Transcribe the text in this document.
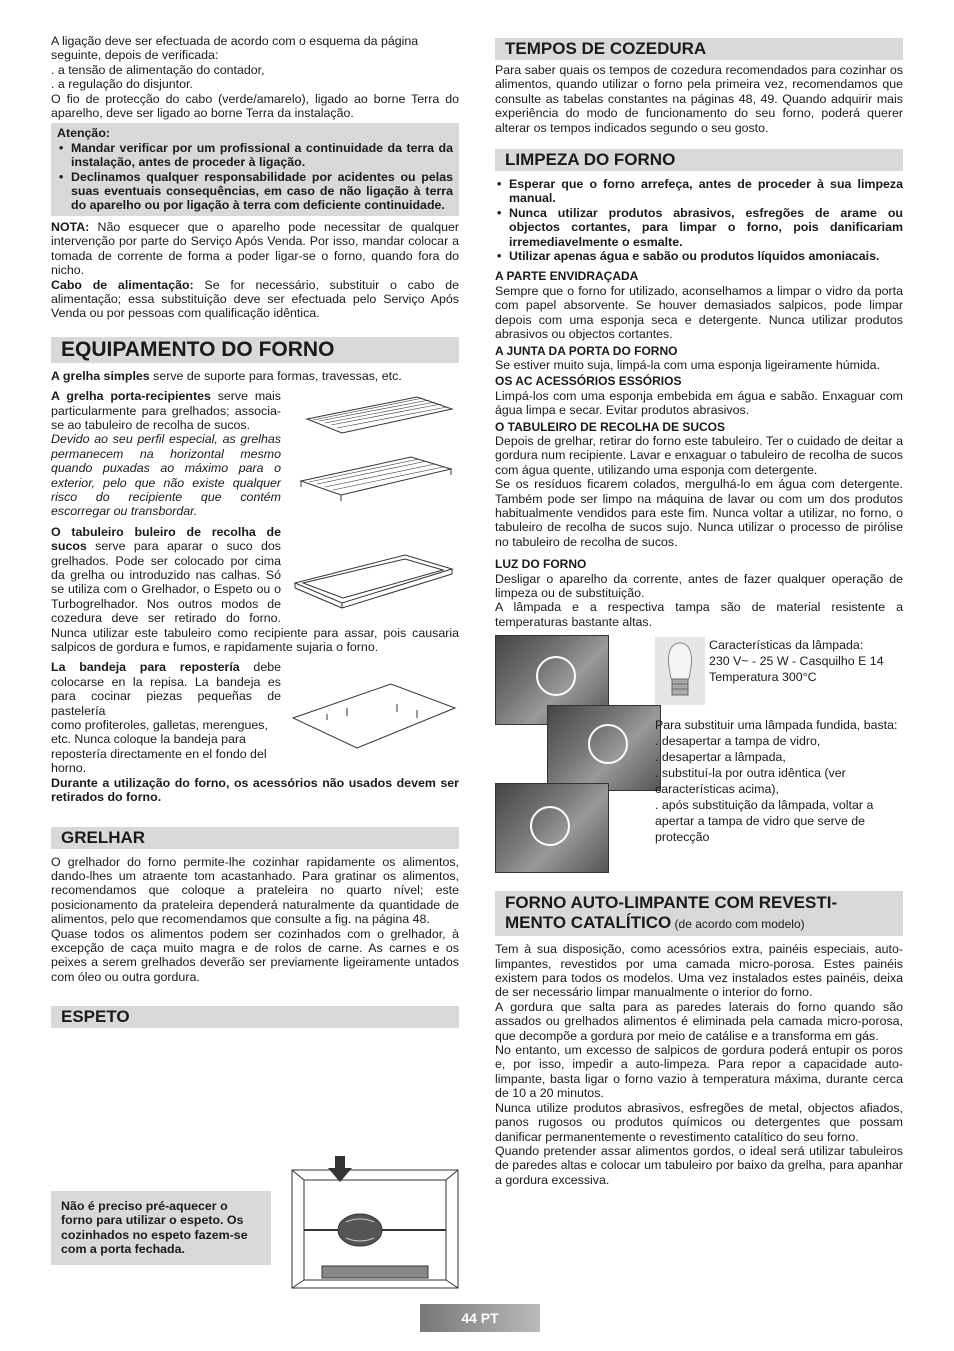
A ligação deve ser efectuada de acordo com o esquema da página seguinte, depois de verificada:

. a tensão de alimentação do contador,

. a regulação do disjuntor.

O fio de protecção do cabo (verde/amarelo), ligado ao borne Terra do aparelho, deve ser ligado ao borne Terra da instalação.

Atenção:
• Mandar verificar por um profissional a continuidade da terra da instalação, antes de proceder à ligação.
• Declinamos qualquer responsabilidade por acidentes ou pelas suas eventuais consequências, em caso de não ligação à terra do aparelho ou por ligação à terra com deficiente continuidade.

NOTA: Não esquecer que o aparelho pode necessitar de qualquer intervenção por parte do Serviço Após Venda. Por isso, mandar colocar a tomada de corrente de forma a poder ligar-se o forno, quando fora do nicho.

Cabo de alimentação: Se for necessário, substituir o cabo de alimentação; essa substituição deve ser efectuada pelo Serviço Após Venda ou por pessoas com qualificação idêntica.

EQUIPAMENTO DO FORNO

A grelha simples serve de suporte para formas, travessas, etc.

A grelha porta-recipientes serve mais particularmente para grelhados; associa-se ao tabuleiro de recolha de sucos.

Devido ao seu perfil especial, as grelhas permanecem na horizontal mesmo quando puxadas ao máximo para o exterior, pelo que não existe qualquer risco do recipiente que contém escorregar ou transbordar.

O tabuleiro buleiro de recolha de sucos serve para aparar o suco dos grelhados. Pode ser colocado por cima da grelha ou introduzido nas calhas. Só se utiliza com o Grelhador, o Espeto ou o Turbogrelhador. Nos outros modos de cozedura deve ser retirado do forno. Nunca utilizar este tabuleiro como recipiente para assar, pois causaria salpicos de gordura e fumos, e rapidamente sujaria o forno.

La bandeja para repostería debe colocarse en la repisa. La bandeja es para cocinar piezas pequeñas de pastelería

como profiteroles, galletas, merengues, etc. Nunca coloque la bandeja para repostería directamente en el fondo del horno.

Durante a utilização do forno, os acessórios não usados devem ser retirados do forno.

GRELHAR

O grelhador do forno permite-lhe cozinhar rapidamente os alimentos, dando-lhes um atraente tom acastanhado. Para gratinar os alimentos, recomendamos que coloque a prateleira no quarto nível; este posicionamento da prateleira dependerá naturalmente da quantidade de alimentos, pelo que recomendamos que consulte a fig. na página 48.

Quase todos os alimentos podem ser cozinhados com o grelhador, à excepção de caça muito magra e de rolos de carne. As carnes e os peixes a serem grelhados deverão ser previamente ligeiramente untados com óleo ou outra gordura.

ESPETO
Não é preciso pré-aquecer o forno para utilizar o espeto. Os cozinhados no espeto fazem-se com a porta fechada.
TEMPOS DE COZEDURA

Para saber quais os tempos de cozedura recomendados para cozinhar os alimentos, quando utilizar o forno pela primeira vez, recomendamos que consulte as tabelas constantes na páginas 48, 49. Quando adquirir mais experiência do modo de funcionamento do seu forno, poderá querer alterar os tempos indicados segundo o seu gosto.

LIMPEZA DO FORNO
• Esperar que o forno arrefeça, antes de proceder à sua limpeza manual.
• Nunca utilizar produtos abrasivos, esfregões de arame ou objectos cortantes, para limpar o forno, pois danificariam irremediavelmente o esmalte.
• Utilizar apenas água e sabão ou produtos líquidos amoniacais.
A PARTE ENVIDRAÇADA

Sempre que o forno for utilizado, aconselhamos a limpar o vidro da porta com papel absorvente. Se houver demasiados salpicos, pode limpar depois com uma esponja seca e detergente. Nunca utilizar produtos abrasivos ou objectos cortantes.

A JUNTA DA PORTA DO FORNO

Se estiver muito suja, limpá-la com uma esponja ligeiramente húmida.

OS AC ACESSÓRIOS ESSÓRIOS

Limpá-los com uma esponja embebida em água e sabão. Enxaguar com água limpa e secar. Evitar produtos abrasivos.

O TABULEIRO DE RECOLHA DE SUCOS

Depois de grelhar, retirar do forno este tabuleiro. Ter o cuidado de deitar a gordura num recipiente. Lavar e enxaguar o tabuleiro de recolha de sucos com água quente, utilizando uma esponja com detergente.

Se os resíduos ficarem colados, mergulhá-lo em água com detergente. Também pode ser limpo na máquina de lavar ou com um dos produtos habitualmente vendidos para este fim. Nunca voltar a utilizar, no forno, o tabuleiro de recolha de sucos sujo. Nunca utilizar o processo de pirólise no tabuleiro de recolha de sucos.

LUZ DO FORNO

Desligar o aparelho da corrente, antes de fazer qualquer operação de limpeza ou de substituição.

A lâmpada e a respectiva tampa são de material resistente a temperaturas bastante altas.

Características da lâmpada:
230 V~ - 25 W - Casquilho E 14
Temperatura 300°C
Para substituir uma lâmpada fundida, basta:
. desapertar a tampa de vidro,
. desapertar a lâmpada,
. substituí-la por outra idêntica (ver características acima),
. após substituição da lâmpada, voltar a apertar a tampa de vidro que serve de protecção
FORNO AUTO-LIMPANTE COM REVESTI-MENTO CATALÍTICO (de acordo com modelo)

Tem à sua disposição, como acessórios extra, painéis especiais, auto-limpantes, revestidos por uma camada micro-porosa. Estes painéis existem para todos os modelos. Uma vez instalados estes painéis, deixa de ser necessário limpar manualmente o interior do forno.

A gordura que salta para as paredes laterais do forno quando são assados ou grelhados alimentos é eliminada pela camada micro-porosa, que decompõe a gordura por meio de catálise e a transforma em gás.

No entanto, um excesso de salpicos de gordura poderá entupir os poros e, por isso, impedir a auto-limpeza. Para repor a capacidade auto-limpante, basta ligar o forno vazio à temperatura máxima, durante cerca de 10 a 20 minutos.

Nunca utilize produtos abrasivos, esfregões de metal, objectos afiados, panos rugosos ou produtos químicos ou detergentes que possam danificar permanentemente o revestimento catalítico do seu forno.

Quando pretender assar alimentos gordos, o ideal será utilizar tabuleiros de paredes altas e colocar um tabuleiro por baixo da grelha, para apanhar a gordura excessiva.

44 PT
